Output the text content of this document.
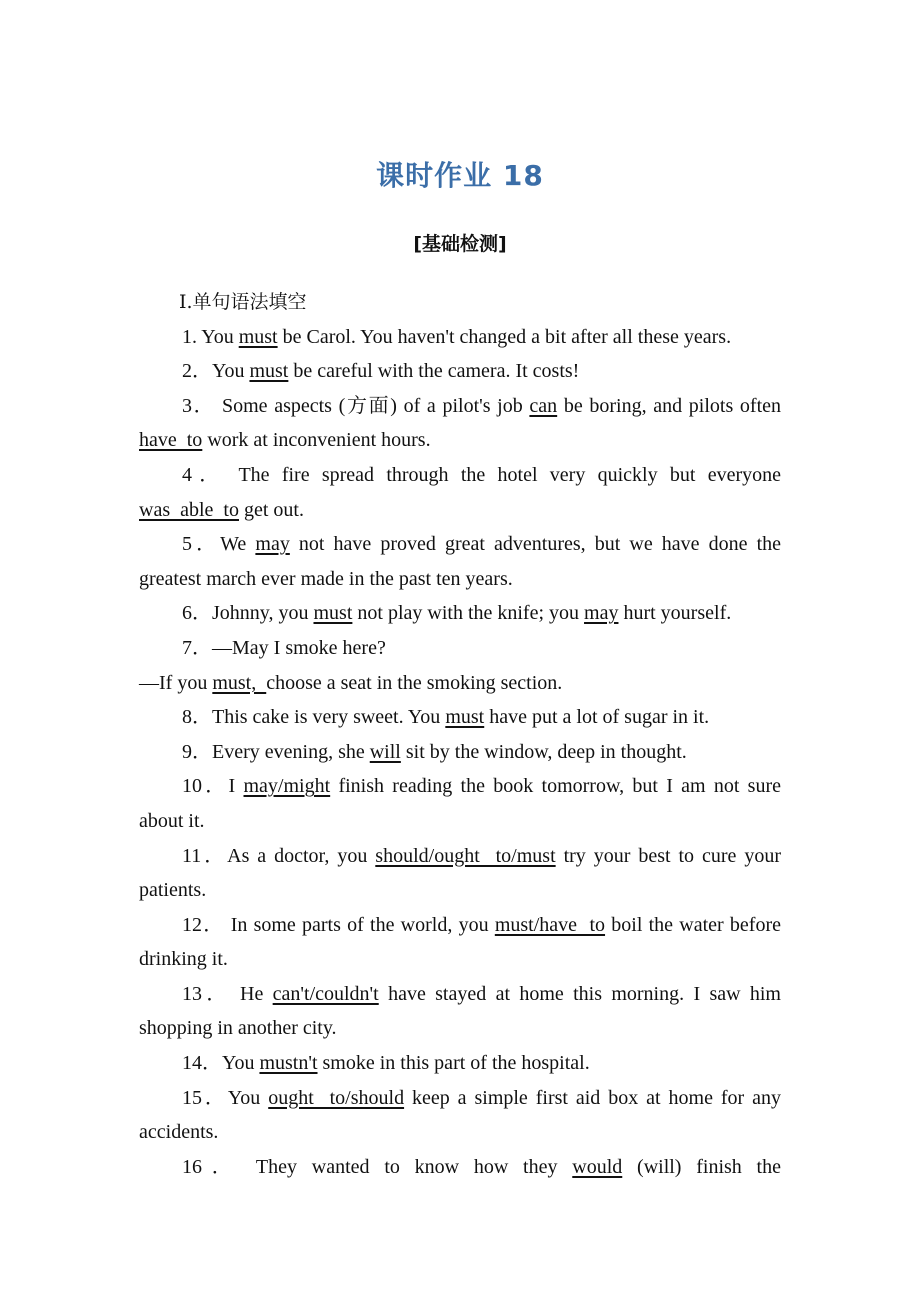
课时作业 18
[基础检测]
Ⅰ.单句语法填空

1. You must be Carol. You haven't changed a bit after all these years.

2．You must be careful with the camera. It costs!

3． Some aspects (方面) of a pilot's job can be boring, and pilots often have  to work at inconvenient hours.

4． The fire spread through the hotel very quickly but everyone was  able  to get out.

5．We may not have proved great adventures, but we have done the greatest march ever made in the past ten years.

6．Johnny, you must not play with the knife; you may hurt yourself.

7．—May I smoke here?

—If you must,  choose a seat in the smoking section.

8．This cake is very sweet. You must have put a lot of sugar in it.

9．Every evening, she will sit by the window, deep in thought.

10．I may/might finish reading the book tomorrow, but I am not sure about it.

11．As a doctor, you should/ought  to/must try your best to cure your patients.

12． In some parts of the world, you must/have  to boil the water before drinking it.

13． He can't/couldn't have stayed at home this morning. I saw him shopping in another city.

14．You mustn't smoke in this part of the hospital.

15．You ought  to/should keep a simple first aid box at home for any accidents.

16． They wanted to know how they would (will) finish the
